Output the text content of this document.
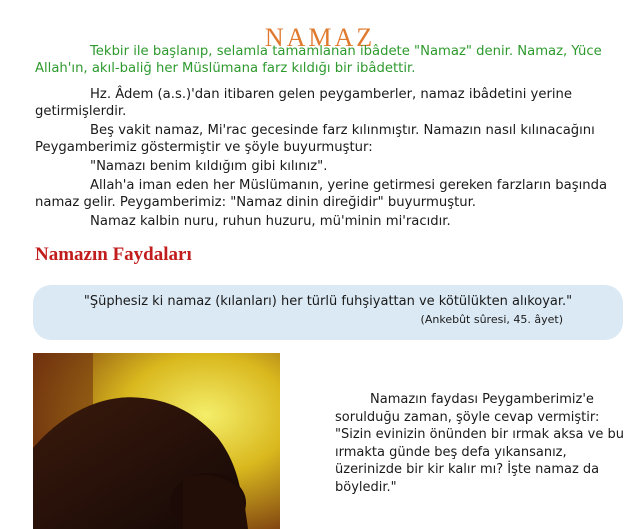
NAMAZ

Tekbir ile başlanıp, selamla tamamlanan ibâdete "Namaz" denir. Namaz, Yüce Allah'ın, akıl-baliğ her Müslümana farz kıldığı bir ibâdettir.

Hz. Âdem (a.s.)'dan itibaren gelen peygamberler, namaz ibâdetini yerine getirmişlerdir.

Beş vakit namaz, Mi'rac gecesinde farz kılınmıştır. Namazın nasıl kılınacağını Peygamberimiz göstermiştir ve şöyle buyurmuştur:

"Namazı benim kıldığım gibi kılınız".

Allah'a iman eden her Müslümanın, yerine getirmesi gereken farzların başında namaz gelir. Peygamberimiz: "Namaz dinin direğidir" buyurmuştur.

Namaz kalbin nuru, ruhun huzuru, mü'minin mi'racıdır.

Namazın Faydaları

"Şüphesiz ki namaz (kılanları) her türlü fuhşiyattan ve kötülükten alıkoyar."

(Ankebût sûresi, 45. âyet)

Namazın faydası Peygamberimiz'e
sorulduğu zaman, şöyle cevap vermiştir: "Sizin evinizin önünden bir ırmak aksa ve bu ırmakta günde beş defa yıkansanız, üzerinizde bir kir kalır mı? İşte namaz da böyledir."
